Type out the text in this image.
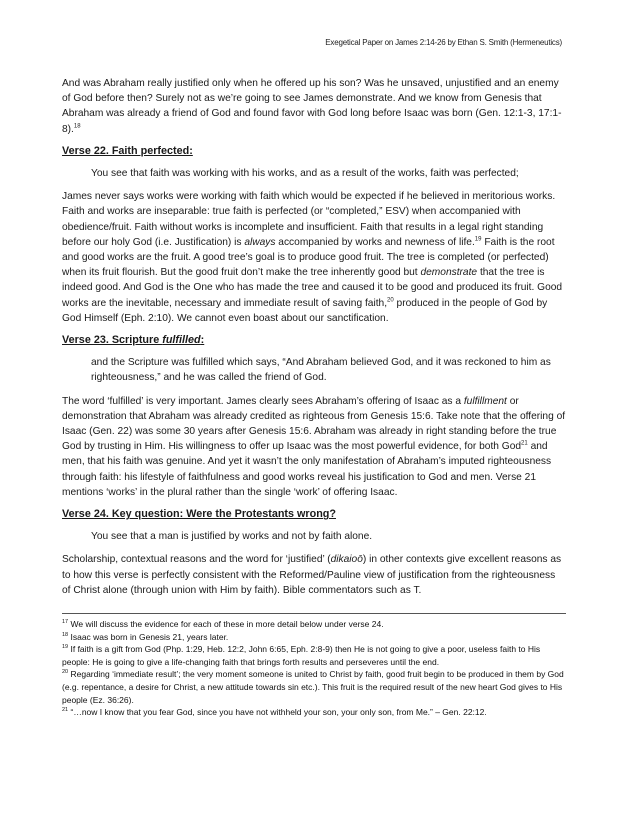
Exegetical Paper on James 2:14-26 by Ethan S. Smith (Hermeneutics)

And was Abraham really justified only when he offered up his son? Was he unsaved, unjustified and an enemy of God before then? Surely not as we’re going to see James demonstrate. And we know from Genesis that Abraham was already a friend of God and found favor with God long before Isaac was born (Gen. 12:1-3, 17:1-8).$^{18}$

Verse 22. Faith perfected:

You see that faith was working with his works, and as a result of the works, faith was perfected;

James never says works were working with faith which would be expected if he believed in meritorious works. Faith and works are inseparable: true faith is perfected (or “completed,” ESV) when accompanied with obedience/fruit. Faith without works is incomplete and insufficient. Faith that results in a legal right standing before our holy God (i.e. Justification) is always accompanied by works and newness of life.$^{19}$ Faith is the root and good works are the fruit. A good tree’s goal is to produce good fruit. The tree is completed (or perfected) when its fruit flourish. But the good fruit don’t make the tree inherently good but demonstrate that the tree is indeed good. And God is the One who has made the tree and caused it to be good and produced its fruit. Good works are the inevitable, necessary and immediate result of saving faith,$^{20}$ produced in the people of God by God Himself (Eph. 2:10). We cannot even boast about our sanctification.

Verse 23. Scripture fulfilled:

and the Scripture was fulfilled which says, “And Abraham believed God, and it was reckoned to him as righteousness,” and he was called the friend of God.

The word ‘fulfilled’ is very important. James clearly sees Abraham’s offering of Isaac as a fulfillment or demonstration that Abraham was already credited as righteous from Genesis 15:6. Take note that the offering of Isaac (Gen. 22) was some 30 years after Genesis 15:6. Abraham was already in right standing before the true God by trusting in Him. His willingness to offer up Isaac was the most powerful evidence, for both God$^{21}$ and men, that his faith was genuine. And yet it wasn’t the only manifestation of Abraham’s imputed righteousness through faith: his lifestyle of faithfulness and good works reveal his justification to God and men. Verse 21 mentions ‘works’ in the plural rather than the single ‘work’ of offering Isaac.

Verse 24. Key question: Were the Protestants wrong?

You see that a man is justified by works and not by faith alone.

Scholarship, contextual reasons and the word for ‘justified’ (dikaioō) in other contexts give excellent reasons as to how this verse is perfectly consistent with the Reformed/Pauline view of justification from the righteousness of Christ alone (through union with Him by faith). Bible commentators such as T.

$^{17}$ We will discuss the evidence for each of these in more detail below under verse 24.

$^{18}$ Isaac was born in Genesis 21, years later.

$^{19}$ If faith is a gift from God (Php. 1:29, Heb. 12:2, John 6:65, Eph. 2:8-9) then He is not going to give a poor, useless faith to His people: He is going to give a life-changing faith that brings forth results and perseveres until the end.

$^{20}$ Regarding ‘immediate result’; the very moment someone is united to Christ by faith, good fruit begin to be produced in them by God (e.g. repentance, a desire for Christ, a new attitude towards sin etc.). This fruit is the required result of the new heart God gives to His people (Ez. 36:26).

$^{21}$ “…now I know that you fear God, since you have not withheld your son, your only son, from Me.” – Gen. 22:12.
